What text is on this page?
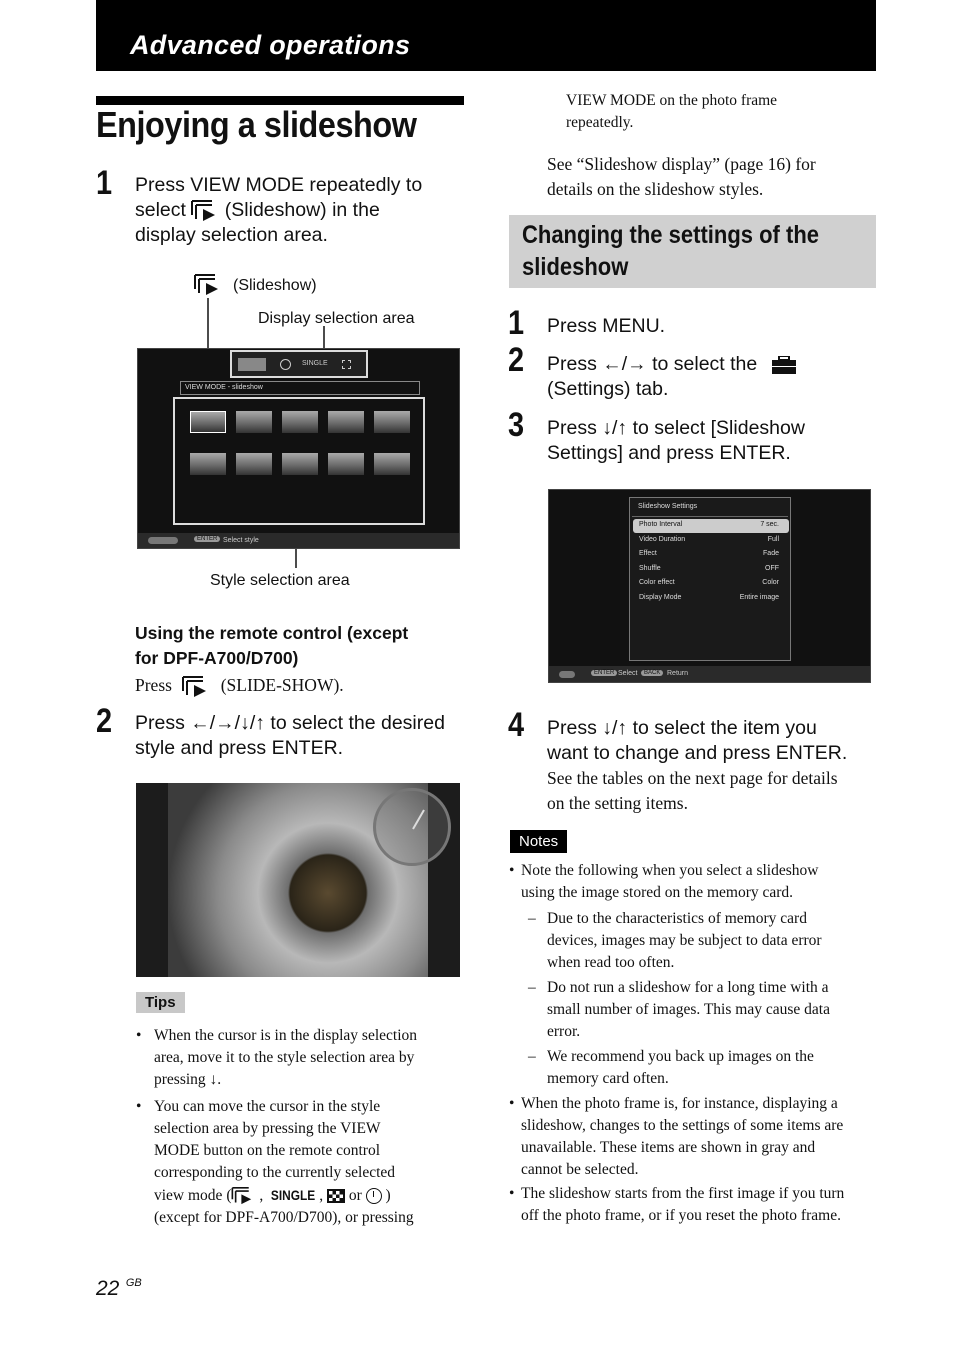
Advanced operations
Enjoying a slideshow
1 Press VIEW MODE repeatedly to
select (Slideshow) in the
display selection area.
(Slideshow)
Display selection area
SINGLE
VIEW MODE - slideshow
ENTER Select style
Style selection area
Using the remote control (except
for DPF-A700/D700)
Press	(SLIDE-SHOW).
2 Press ←/→/↓/↑ to select the desired
style and press ENTER.
Tips
• When the cursor is in the display selection
area, move it to the style selection area by
pressing ↓.
• You can move the cursor in the style
selection area by pressing the VIEW
MODE button on the remote control
corresponding to the currently selected
view mode (
, SINGLE ,  or )
(except for DPF-A700/D700), or pressing
VIEW MODE on the photo frame
repeatedly.
See “Slideshow display” (page 16) for
details on the slideshow styles.
Changing the settings of the
slideshow
1 Press MENU.
2 Press ←/→ to select the
(Settings) tab.
3 Press ↓/↑ to select [Slideshow
Settings] and press ENTER.
Slideshow Settings
Photo Interval	7 sec.
Video Duration	Full
Effect	Fade
Shuffle	OFF
Color effect	Color
Display Mode	Entire image
ENTER Select	BACK Return
4 Press ↓/↑ to select the item you
want to change and press ENTER.
See the tables on the next page for details
on the setting items.
Notes
• Note the following when you select a slideshow
using the image stored on the memory card.
– Due to the characteristics of memory card
devices, images may be subject to data error
when read too often.
– Do not run a slideshow for a long time with a
small number of images. This may cause data
error.
– We recommend you back up images on the
memory card often.
• When the photo frame is, for instance, displaying a
slideshow, changes to the settings of some items are
unavailable. These items are shown in gray and
cannot be selected.
• The slideshow starts from the first image if you turn
off the photo frame, or if you reset the photo frame.
22 $^{GB}$
